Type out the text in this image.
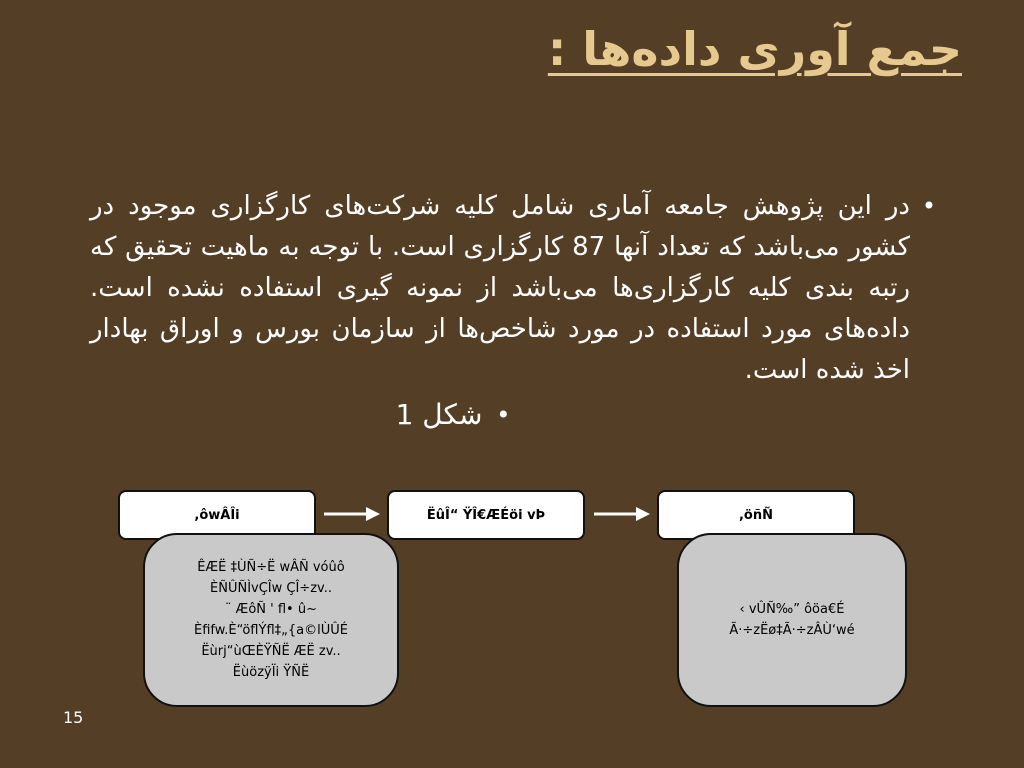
جمع آوری داده‌ها :
•
در این پژوهش جامعه آماری شامل کلیه شرکت‌های کارگزاری موجود در کشور می‌باشد که تعداد آنها 87 کارگزاری است. با توجه به ماهیت تحقیق که رتبه بندی کلیه کارگزاری‌ها می‌باشد از نمونه گیری استفاده نشده است. داده‌های مورد استفاده در مورد شاخص‌ها از سازمان بورس و اوراق بهادار اخذ شده است.
•
شکل 1
,ôwÂÎi	ËûÎ“ ŸÎ€ÆÉöi vÞ	,öñÑ
ÊÆË ‡ÙÑ÷Ë wÂÑ vóûô
ÈÑÛÑÌvÇÎw ÇÎ÷zv..
¨ ÆôÑ ' fl• û~
Èfifw.È“öflÝfl‡„{a©lÙÛÉ
Ëùrj“ùŒÈŸÑË ÆË zv..
ËùözÿÏi ŸÑË
‹ vÛÑ‰” ôöa€É
Ã·÷zËø‡Ã·÷zÂÙ‘wé
15
